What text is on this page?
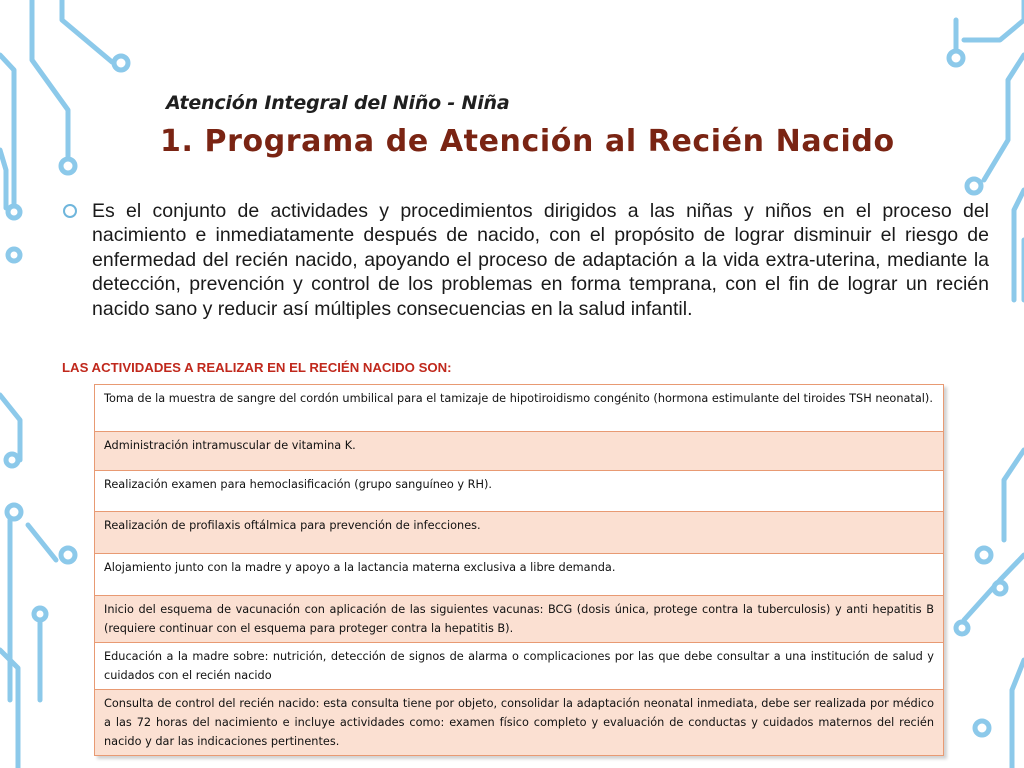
Atención Integral del Niño - Niña
1. Programa de Atención al Recién Nacido

Es el conjunto de actividades y procedimientos dirigidos a las niñas y niños en el proceso del nacimiento e inmediatamente después de nacido, con el propósito de lograr disminuir el riesgo de enfermedad del recién nacido, apoyando el proceso de adaptación a la vida extra-uterina, mediante la detección, prevención y control de los problemas en forma temprana, con el fin de lograr un recién nacido sano y reducir así múltiples consecuencias en la salud infantil.

LAS ACTIVIDADES A REALIZAR EN EL RECIÉN NACIDO SON:
Toma de la muestra de sangre del cordón umbilical para el tamizaje de hipotiroidismo congénito (hormona estimulante del tiroides TSH neonatal).
Administración intramuscular de vitamina K.
Realización examen para hemoclasificación (grupo sanguíneo y RH).
Realización de profilaxis oftálmica para prevención de infecciones.
Alojamiento junto con la madre y apoyo a la lactancia materna exclusiva a libre demanda.
Inicio del esquema de vacunación con aplicación de las siguientes vacunas: BCG (dosis única, protege contra la tuberculosis) y anti hepatitis B (requiere continuar con el esquema para proteger contra la hepatitis B).
Educación a la madre sobre: nutrición, detección de signos de alarma o complicaciones por las que debe consultar a una institución de salud y cuidados con el recién nacido
Consulta de control del recién nacido: esta consulta tiene por objeto, consolidar la adaptación neonatal inmediata, debe ser realizada por médico a las 72 horas del nacimiento e incluye actividades como: examen físico completo y evaluación de conductas y cuidados maternos del recién nacido y dar las indicaciones pertinentes.
